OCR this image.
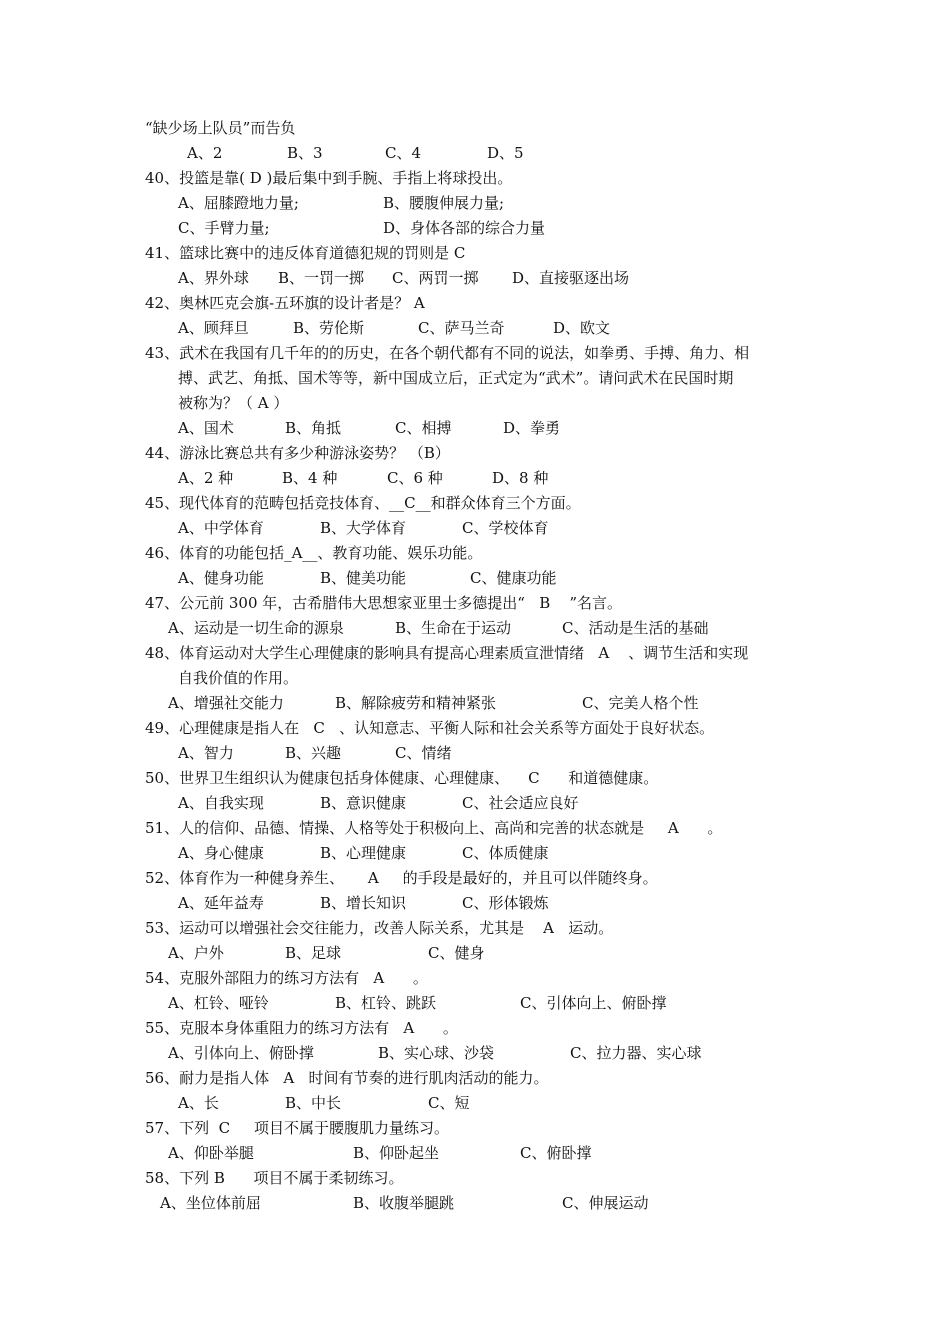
“缺少场上队员”而告负
A、2	B、3	C、4	D、5
40、投篮是靠( D )最后集中到手腕、手指上将球投出。
A、屈膝蹬地力量;	B、腰腹伸展力量;
C、手臂力量;	D、身体各部的综合力量
41、篮球比赛中的违反体育道德犯规的罚则是 C
A、界外球 B、一罚一掷 C、两罚一掷 D、直接驱逐出场
42、奥林匹克会旗-五环旗的设计者是？ A
A、顾拜旦	B、劳伦斯	C、萨马兰奇	D、欧文
43、武术在我国有几千年的的历史，在各个朝代都有不同的说法，如拳勇、手搏、角力、相
搏、武艺、角抵、国术等等，新中国成立后，正式定为“武术”。请问武术在民国时期
被称为？（ A ）
A、国术	B、角抵	C、相搏	D、拳勇
44、游泳比赛总共有多少种游泳姿势？ （B）
A、2 种	B、4 种	C、6 种	D、8 种
45、现代体育的范畴包括竞技体育、__C__和群众体育三个方面。
A、中学体育	B、大学体育	C、学校体育
46、体育的功能包括_A__、教育功能、娱乐功能。
A、健身功能	B、健美功能	C、健康功能
47、公元前 300 年，古希腊伟大思想家亚里士多德提出“   B    ”名言。
A、运动是一切生命的源泉	B、生命在于运动	C、活动是生活的基础
48、体育运动对大学生心理健康的影响具有提高心理素质宣泄情绪   A    、调节生活和实现
自我价值的作用。
A、增强社交能力	B、解除疲劳和精神紧张	C、完美人格个性
49、心理健康是指人在   C   、认知意志、平衡人际和社会关系等方面处于良好状态。
A、智力	B、兴趣	C、情绪
50、世界卫生组织认为健康包括身体健康、心理健康、    C      和道德健康。
A、自我实现	B、意识健康	C、社会适应良好
51、人的信仰、品德、情操、人格等处于积极向上、高尚和完善的状态就是     A      。
A、身心健康	B、心理健康	C、体质健康
52、体育作为一种健身养生、     A     的手段是最好的，并且可以伴随终身。
A、延年益寿	B、增长知识	C、形体锻炼
53、运动可以增强社会交往能力，改善人际关系，尤其是    A   运动。
A、户外	B、足球	C、健身
54、克服外部阻力的练习方法有   A      。
A、杠铃、哑铃	B、杠铃、跳跃	C、引体向上、俯卧撑
55、克服本身体重阻力的练习方法有   A      。
A、引体向上、俯卧撑	B、实心球、沙袋	C、拉力器、实心球
56、耐力是指人体   A   时间有节奏的进行肌肉活动的能力。
A、长	B、中长	C、短
57、下列  C     项目不属于腰腹肌力量练习。
A、仰卧举腿	B、仰卧起坐	C、俯卧撑
58、下列 B      项目不属于柔韧练习。
A、坐位体前屈	B、收腹举腿跳	C、伸展运动
